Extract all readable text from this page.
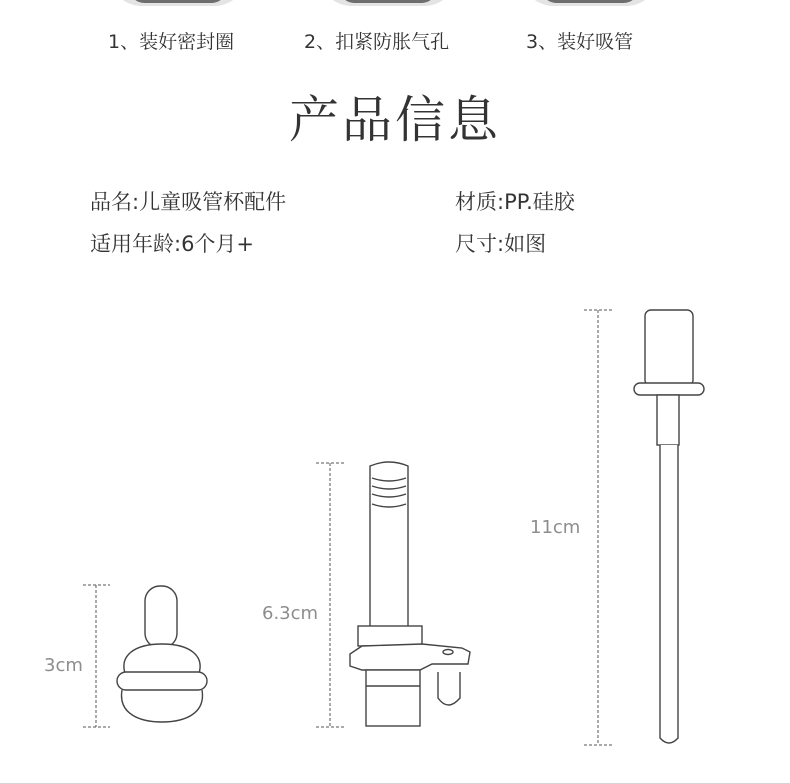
1、装好密封圈	2、扣紧防胀气孔	3、装好吸管
产品信息
品名:儿童吸管杯配件	材质:PP.硅胶
适用年龄:6个月+	尺寸:如图
3cm
6.3cm
11cm
